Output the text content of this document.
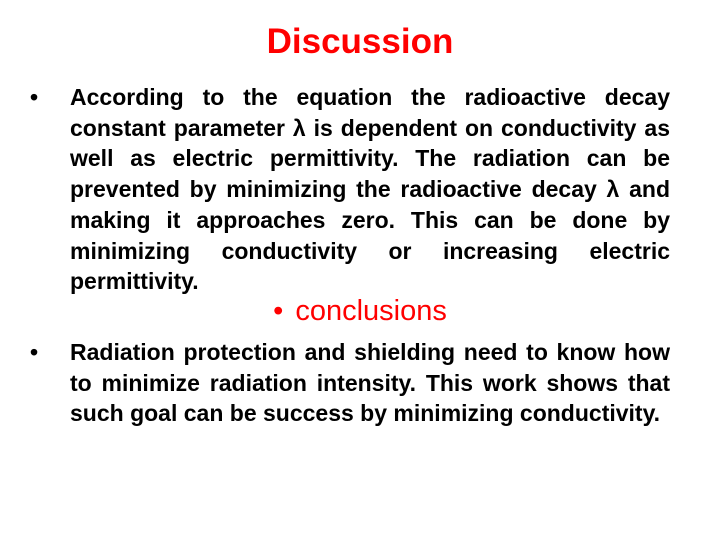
Discussion
•	According to the equation the radioactive decay constant parameter λ is dependent on conductivity as well as electric permittivity. The radiation can be prevented by minimizing the radioactive decay λ and making it approaches zero. This can be done by minimizing conductivity or increasing electric permittivity.
• conclusions
•	Radiation protection and shielding need to know how to minimize radiation intensity. This work shows that such goal can be success by minimizing conductivity.
